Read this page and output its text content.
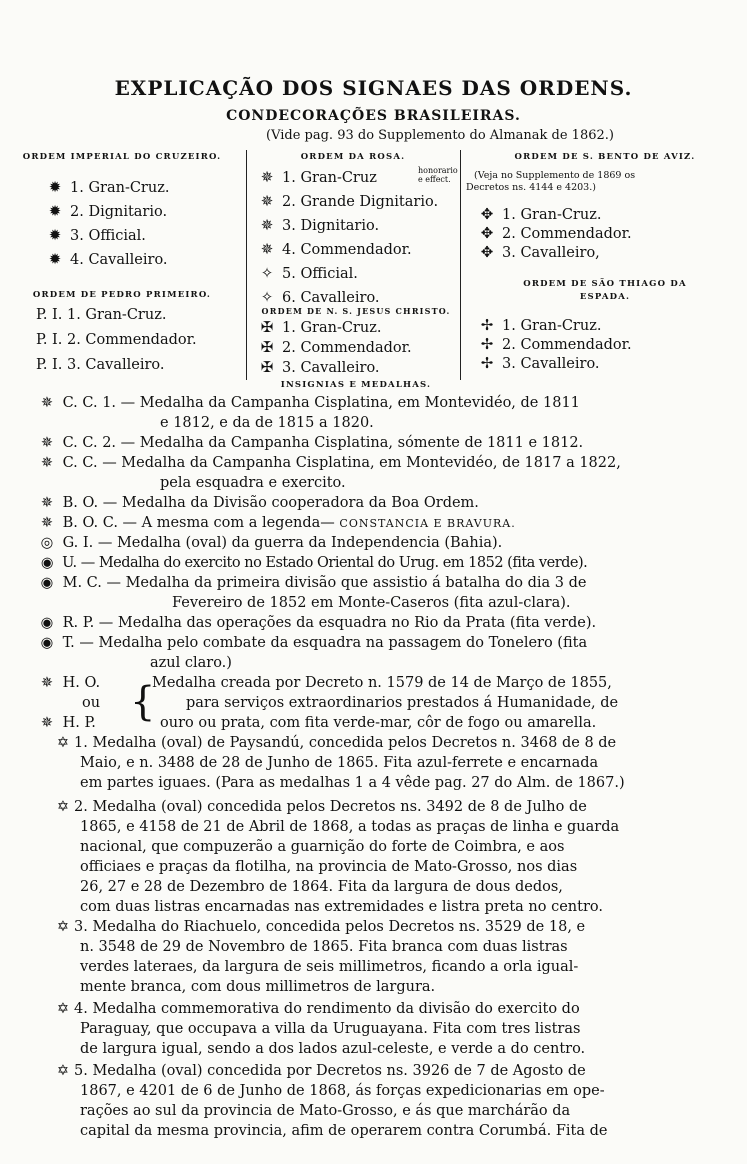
EXPLICAÇÃO DOS SIGNAES DAS ORDENS.
CONDECORAÇÕES BRASILEIRAS.
(Vide pag. 93 do Supplemento do Almanak de 1862.)
ORDEM IMPERIAL DO CRUZEIRO.
✹ 1. Gran-Cruz.
✹ 2. Dignitario.
✹ 3. Official.
✹ 4. Cavalleiro.
ORDEM DE PEDRO PRIMEIRO.
P. I. 1. Gran-Cruz.
P. I. 2. Commendador.
P. I. 3. Cavalleiro.
ORDEM DA ROSA.
✵ 1. Gran-Cruz	honorario
e effect.
✵ 2. Grande Dignitario.
✵ 3. Dignitario.
✵ 4. Commendador.
✧ 5. Official.
✧ 6. Cavalleiro.
ORDEM DE N. S. JESUS CHRISTO.
✠ 1. Gran-Cruz.
✠ 2. Commendador.
✠ 3. Cavalleiro.
ORDEM DE S. BENTO DE AVIZ.
(Veja no Supplemento de 1869 os
Decretos ns. 4144 e 4203.)
✥ 1. Gran-Cruz.
✥ 2. Commendador.
✥ 3. Cavalleiro,
ORDEM DE SÃO THIAGO DA
ESPADA.
✢ 1. Gran-Cruz.
✢ 2. Commendador.
✢ 3. Cavalleiro.
INSIGNIAS E MEDALHAS.
✵ C. C. 1. — Medalha da Campanha Cisplatina, em Montevidéo, de 1811
e 1812, e da de 1815 a 1820.
✵ C. C. 2. — Medalha da Campanha Cisplatina, sómente de 1811 e 1812.
✵ C. C. — Medalha da Campanha Cisplatina, em Montevidéo, de 1817 a 1822,
pela esquadra e exercito.
✵ B. O. — Medalha da Divisão cooperadora da Boa Ordem.
✵ B. O. C. — A mesma com a legenda— CONSTANCIA E BRAVURA.
◎ G. I. — Medalha (oval) da guerra da Independencia (Bahia).
◉ U. — Medalha do exercito no Estado Oriental do Urug. em 1852 (fita verde).
◉ M. C. — Medalha da primeira divisão que assistio á batalha do dia 3 de
Fevereiro de 1852 em Monte-Caseros (fita azul-clara).
◉ R. P. — Medalha das operações da esquadra no Rio da Prata (fita verde).
◉ T. — Medalha pelo combate da esquadra na passagem do Tonelero (fita
azul claro.)
✵ H. O.
ou
✵ H. P. {
Medalha creada por Decreto n. 1579 de 14 de Março de 1855,
para serviços extraordinarios prestados á Humanidade, de
ouro ou prata, com fita verde-mar, côr de fogo ou amarella.
✡ 1. Medalha (oval) de Paysandú, concedida pelos Decretos n. 3468 de 8 de
Maio, e n. 3488 de 28 de Junho de 1865. Fita azul-ferrete e encarnada
em partes iguaes. (Para as medalhas 1 a 4 vêde pag. 27 do Alm. de 1867.)
✡ 2. Medalha (oval) concedida pelos Decretos ns. 3492 de 8 de Julho de
1865, e 4158 de 21 de Abril de 1868, a todas as praças de linha e guarda
nacional, que compuzerão a guarnição do forte de Coimbra, e aos
officiaes e praças da flotilha, na provincia de Mato-Grosso, nos dias
26, 27 e 28 de Dezembro de 1864. Fita da largura de dous dedos,
com duas listras encarnadas nas extremidades e listra preta no centro.
✡ 3. Medalha do Riachuelo, concedida pelos Decretos ns. 3529 de 18, e
n. 3548 de 29 de Novembro de 1865. Fita branca com duas listras
verdes lateraes, da largura de seis millimetros, ficando a orla igual-
mente branca, com dous millimetros de largura.
✡ 4. Medalha commemorativa do rendimento da divisão do exercito do
Paraguay, que occupava a villa da Uruguayana. Fita com tres listras
de largura igual, sendo a dos lados azul-celeste, e verde a do centro.
✡ 5. Medalha (oval) concedida por Decretos ns. 3926 de 7 de Agosto de
1867, e 4201 de 6 de Junho de 1868, ás forças expedicionarias em ope-
rações ao sul da provincia de Mato-Grosso, e ás que marchárão da
capital da mesma provincia, afim de operarem contra Corumbá. Fita de
